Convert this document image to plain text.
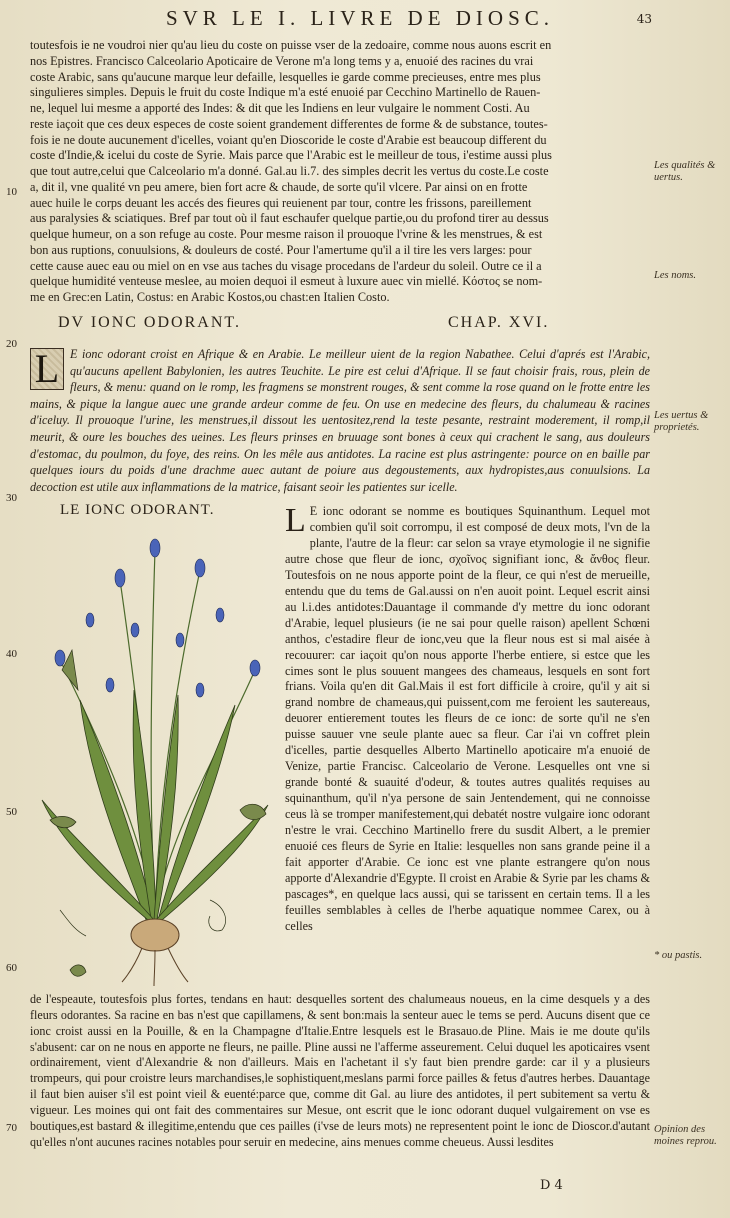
SVR LE I. LIVRE DE DIOSC.	43

toutesfois ie ne voudroi nier qu'au lieu du coste on puisse vser de la zedoaire, comme nous auons escrit en

nos Epistres. Francisco Calceolario Apoticaire de Verone m'a long tems y a, enuoié des racines du vrai

coste Arabic, sans qu'aucune marque leur defaille, lesquelles ie garde comme precieuses, entre mes plus

singulieres simples. Depuis le fruit du coste Indique m'a esté enuoié par Cecchino Martinello de Rauen-

ne, lequel lui mesme a apporté des Indes: & dit que les Indiens en leur vulgaire le nomment Costi. Au

reste iaçoit que ces deux especes de coste soient grandement differentes de forme & de substance, toutes-

fois ie ne doute aucunement d'icelles, voiant qu'en Dioscoride le coste d'Arabie est beaucoup different du

coste d'Indie,& icelui du coste de Syrie. Mais parce que l'Arabic est le meilleur de tous, i'estime aussi plus

que tout autre,celui que Calceolario m'a donné. Gal.au li.7. des simples decrit les vertus du coste.Le coste

a, dit il, vne qualité vn peu amere, bien fort acre & chaude, de sorte qu'il vlcere. Par ainsi on en frotte

auec huile le corps deuant les accés des fieures qui reuienent par tour, contre les frissons, pareillement

aus paralysies & sciatiques. Bref par tout où il faut eschaufer quelque partie,ou du profond tirer au dessus

quelque humeur, on a son refuge au coste. Pour mesme raison il prouoque l'vrine & les menstrues, & est

bon aus ruptions, conuulsions, & douleurs de costé. Pour l'amertume qu'il a il tire les vers larges: pour

cette cause auec eau ou miel on en vse aus taches du visage procedans de l'ardeur du soleil. Outre ce il a

quelque humidité venteuse meslee, au moien dequoi il esmeut à luxure auec vin miellé. Κόστος se nom-

me en Grec:en Latin, Costus: en Arabic Kostos,ou chast:en Italien Costo.

DV IONC ODORANT.	CHAP. XVI.
L E ionc odorant croist en Afrique & en Arabie. Le meilleur uient de la region Nabathee. Celui d'aprés est l'Arabic, qu'aucuns apellent Babylonien, les autres Teuchite. Le pire est celui d'Afrique. Il se faut choisir frais, rous, plein de fleurs, & menu: quand on le romp, les fragmens se monstrent rouges, & sent comme la rose quand on le frotte entre les mains, & pique la langue auec une grande ardeur comme de feu. On use en medecine des fleurs, du chalumeau & racines d'iceluy. Il prouoque l'urine, les menstrues,il dissout les uentositez,rend la teste pesante, restraint moderement, il romp,il meurit, & oure les bouches des ueines. Les fleurs prinses en bruuage sont bones à ceux qui crachent le sang, aus douleurs d'estomac, du poulmon, du foye, des reins. On les mêle aus antidotes. La racine est plus astringente: pource on en baille par quelques iours du poids d'une drachme auec autant de poiure aus degoustements, aux hydropistes,aus conuulsions. La decoction est utile aux inflammations de la matrice, faisant seoir les patientes sur icelle.
LE IONC ODORANT. L E ionc odorant se nomme es boutiques Squinanthum. Lequel mot combien qu'il soit corrompu, il est composé de deux mots, l'vn de la plante, l'autre de la fleur: car selon sa vraye etymologie il ne signifie autre chose que fleur de ionc, σχοῖνος signifiant ionc, & ἄνθος fleur. Toutesfois on ne nous apporte point de la fleur, ce qui n'est de merueille, entendu que du tems de Gal.aussi on n'en auoit point. Lequel escrit ainsi au l.i.des antidotes:Dauantage il commande d'y mettre du ionc odorant d'Arabie, lequel plusieurs (ie ne sai pour quelle raison) apellent Schœni anthos, c'estadire fleur de ionc,veu que la fleur nous est si mal aisée à recouurer: car iaçoit qu'on nous apporte l'herbe entiere, si estce que les cimes sont le plus souuent mangees des chameaus, lesquels en sont fort frians. Voila qu'en dit Gal.Mais il est fort difficile à croire, qu'il y ait si grand nombre de chameaus,qui puissent,com me feroient les sautereaus, deuorer entierement toutes les fleurs de ce ionc: de sorte qu'il ne s'en puisse sauuer vne seule plante auec sa fleur. Car i'ai vn coffret plein d'icelles, partie desquelles Alberto Martinello apoticaire m'a enuoié de Venize, partie Francisc. Calceolario de Verone. Lesquelles ont vne si grande bonté & suauité d'odeur, & toutes autres qualités requises au squinanthum, qu'il n'ya persone de sain Jentendement, qui ne connoisse ceus là se tromper manifestement,qui debatét nostre vulgaire ionc odorant n'estre le vrai. Cecchino Martinello frere du susdit Albert, a le premier enuoié ces fleurs de Syrie en Italie: lesquelles non sans grande peine il a fait apporter d'Arabie. Ce ionc est vne plante estrangere qu'on nous apporte d'Alexandrie d'Egypte. Il croist en Arabie & Syrie par les chams & pascages*, en quelque lacs aussi, qui se tarissent en certain tems. Il a les feuilles semblables à celles de l'herbe aquatique nommee Carex, ou à celles
de l'espeaute, toutesfois plus fortes, tendans en haut: desquelles sortent des chalumeaus noueus, en la cime desquels y a des fleurs odorantes. Sa racine en bas n'est que capillamens, & sent bon:mais la senteur auec le tems se perd. Aucuns disent que ce ionc croist aussi en la Pouille, & en la Champagne d'Italie.Entre lesquels est le Brasauo.de Pline. Mais ie me doute qu'ils s'abusent: car on ne nous en apporte ne fleurs, ne paille. Pline aussi ne l'afferme asseurement. Celui duquel les apoticaires vsent ordinairement, vient d'Alexandrie & non d'ailleurs. Mais en l'achetant il s'y faut bien prendre garde: car il y a plusieurs trompeurs, qui pour croistre leurs marchandises,le sophistiquent,meslans parmi force pailles & fetus d'autres herbes. Dauantage il faut bien auiser s'il est point vieil & euenté:parce que, comme dit Gal. au liure des antidotes, il pert subitement sa vertu & vigueur. Les moines qui ont fait des commentaires sur Mesue, ont escrit que le ionc odorant duquel vulgairement on vse es boutiques,est bastard & illegitime,entendu que ces pailles (i'vse de leurs mots) ne representent point le ionc de Dioscor.d'autant qu'elles n'ont aucunes racines notables pour seruir en medecine, ains menues comme cheueus. Aussi lesdites
D 4
10
20
30
40
50
60
70
Les qualités & uertus.
Les noms.
Les uertus & proprietés.
* ou pastis.
Opinion des moines reprou.
